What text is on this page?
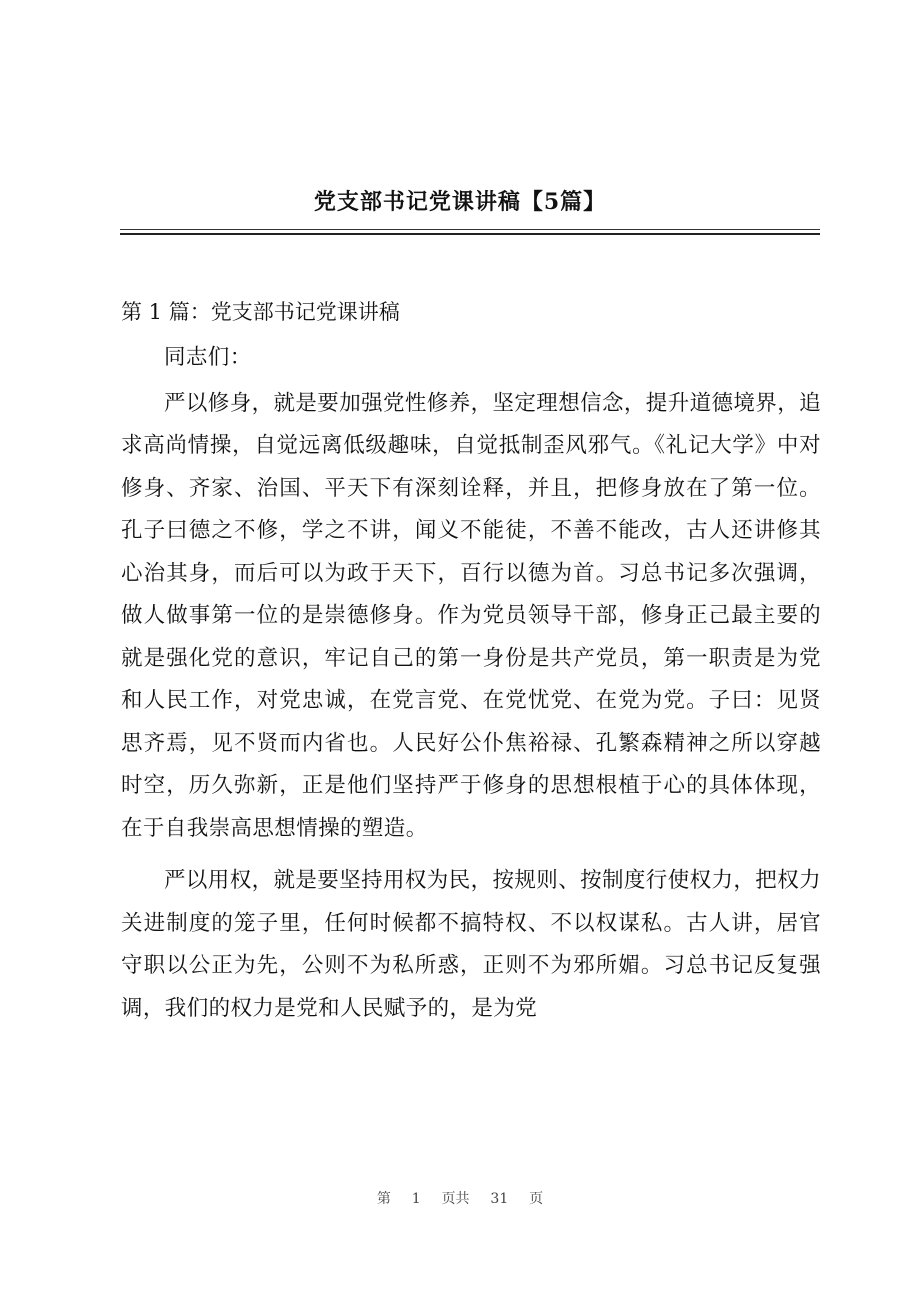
党支部书记党课讲稿【5篇】
第 1 篇：党支部书记党课讲稿

同志们：

严以修身，就是要加强党性修养，坚定理想信念，提升道德境界，追求高尚情操，自觉远离低级趣味，自觉抵制歪风邪气。《礼记大学》中对修身、齐家、治国、平天下有深刻诠释，并且，把修身放在了第一位。孔子曰德之不修，学之不讲，闻义不能徒，不善不能改，古人还讲修其心治其身，而后可以为政于天下，百行以德为首。习总书记多次强调，做人做事第一位的是崇德修身。作为党员领导干部，修身正己最主要的就是强化党的意识，牢记自己的第一身份是共产党员，第一职责是为党和人民工作，对党忠诚，在党言党、在党忧党、在党为党。子曰：见贤思齐焉，见不贤而内省也。人民好公仆焦裕禄、孔繁森精神之所以穿越时空，历久弥新，正是他们坚持严于修身的思想根植于心的具体体现，在于自我崇高思想情操的塑造。

严以用权，就是要坚持用权为民，按规则、按制度行使权力，把权力关进制度的笼子里，任何时候都不搞特权、不以权谋私。古人讲，居官守职以公正为先，公则不为私所惑，正则不为邪所媚。习总书记反复强调，我们的权力是党和人民赋予的，是为党

第  1  页共  31  页
